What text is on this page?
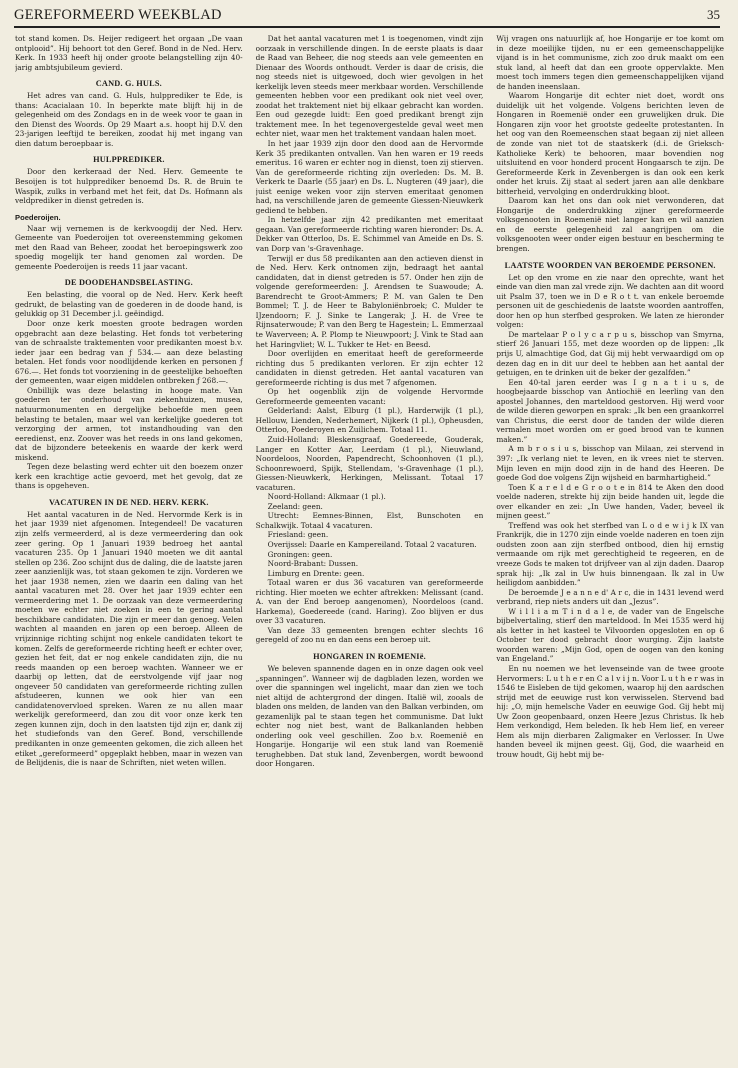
GEREFORMEERD WEEKBLAD	35

tot stand komen. Ds. Heijer redigeert het orgaan „De vaan ontplooid”. Hij behoort tot den Geref. Bond in de Ned. Herv. Kerk. In 1933 heeft hij onder groote belangstelling zijn 40-jarig ambtsjubileum gevierd.

CAND. G. HULS.

Het adres van cand. G. Huls, hulpprediker te Ede, is thans: Acacialaan 10. In beperkte mate blijft hij in de gelegenheid om des Zondags en in de week voor te gaan in den Dienst des Woords. Op 29 Maart a.s. hoopt hij D.V. den 23-jarigen leeftijd te bereiken, zoodat hij met ingang van dien datum beroepbaar is.

HULPPREDIKER.

Door den kerkeraad der Ned. Herv. Gemeente te Besoijen is tot hulpprediker benoemd Ds. R. de Bruin te Waspik, zulks in verband met het feit, dat Ds. Hofmann als veldprediker in dienst getreden is.

Poederoijen.

Naar wij vernemen is de kerkvoogdij der Ned. Herv. Gemeente van Poederoijen tot overeenstemming gekomen met den Raad van Beheer, zoodat het beroepingswerk zoo spoedig mogelijk ter hand genomen zal worden. De gemeente Poederoijen is reeds 11 jaar vacant.

DE DOODEHANDSBELASTING.

Een belasting, die vooral op de Ned. Herv. Kerk heeft gedrukt, de belasting van de goederen in de doode hand, is gelukkig op 31 December j.l. geëindigd.

Door onze kerk moesten groote bedragen worden opgebracht aan deze belasting. Het fonds tot verbetering van de schraalste traktementen voor predikanten moest b.v. ieder jaar een bedrag van ƒ 534.— aan deze belasting betalen. Het fonds voor noodlijdende kerken en personen ƒ 676.—. Het fonds tot voorziening in de geestelijke behoeften der gemeenten, waar eigen middelen ontbreken ƒ 268.—.

Onbillijk was deze belasting in hooge mate. Van goederen ter onderhoud van ziekenhuizen, musea, natuurmonumenten en dergelijke behoefde men geen belasting te betalen, maar wel van kerkelijke goederen tot verzorging der armen, tot instandhouding van den eeredienst, enz. Zoover was het reeds in ons land gekomen, dat de bijzondere beteekenis en waarde der kerk werd miskend.

Tegen deze belasting werd echter uit den boezem onzer kerk een krachtige actie gevoerd, met het gevolg, dat ze thans is opgeheven.

VACATUREN IN DE NED. HERV. KERK.

Het aantal vacaturen in de Ned. Hervormde Kerk is in het jaar 1939 niet afgenomen. Integendeel! De vacaturen zijn zelfs vermeerderd, al is deze vermeerdering dan ook zeer gering. Op 1 Januari 1939 bedroeg het aantal vacaturen 235. Op 1 Januari 1940 moeten we dit aantal stellen op 236. Zoo schijnt dus de daling, die de laatste jaren zeer aanzienlijk was, tot staan gekomen te zijn. Vorderen we het jaar 1938 nemen, zien we daarin een daling van het aantal vacaturen met 28. Over het jaar 1939 echter een vermeerdering met 1. De oorzaak van deze vermeerdering moeten we echter niet zoeken in een te gering aantal beschikbare candidaten. Die zijn er meer dan genoeg. Velen wachten al maanden en jaren op een beroep. Alleen de vrijzinnige richting schijnt nog enkele candidaten tekort te komen. Zelfs de gereformeerde richting heeft er echter over, gezien het feit, dat er nog enkele candidaten zijn, die nu reeds maanden op een beroep wachten. Wanneer we er daarbij op letten, dat de eerstvolgende vijf jaar nog ongeveer 50 candidaten van gereformeerde richting zullen afstudeeren, kunnen we ook hier van een candidatenovervloed spreken. Waren ze nu allen maar werkelijk gereformeerd, dan zou dit voor onze kerk ten zegen kunnen zijn, doch in den laatsten tijd zijn er, dank zij het studiefonds van den Geref. Bond, verschillende predikanten in onze gemeenten gekomen, die zich alleen het etiket „gereformeerd” opgeplakt hebben, maar in wezen van de Belijdenis, die is naar de Schriften, niet weten willen.

Dat het aantal vacaturen met 1 is toegenomen, vindt zijn oorzaak in verschillende dingen. In de eerste plaats is daar de Raad van Beheer, die nog steeds aan vele gemeenten en Dienaar des Woords onthoudt. Verder is daar de crisis, die nog steeds niet is uitgewoed, doch wier gevolgen in het kerkelijk leven steeds meer merkbaar worden. Verschillende gemeenten hebben voor een predikant ook niet veel over, zoodat het traktement niet bij elkaar gebracht kan worden. Een oud gezegde luidt: Een goed predikant brengt zijn traktement mee. In het tegenovergestelde geval weet men echter niet, waar men het traktement vandaan halen moet.

In het jaar 1939 zijn door den dood aan de Hervormde Kerk 35 predikanten ontvallen. Van hen waren er 19 reeds emeritus. 16 waren er echter nog in dienst, toen zij stierven. Van de gereformeerde richting zijn overleden: Ds. M. B. Verkerk te Daarle (55 jaar) en Ds. L. Nugteren (49 jaar), die juist eenige weken voor zijn sterven emeritaat genomen had, na verschillende jaren de gemeente Giessen-Nieuwkerk gediend te hebben.

In hetzelfde jaar zijn 42 predikanten met emeritaat gegaan. Van gereformeerde richting waren hieronder: Ds. A. Dekker van Otterloo, Ds. E. Schimmel van Ameide en Ds. S. van Dorp van 's-Gravenhage.

Terwijl er dus 58 predikanten aan den actieven dienst in de Ned. Herv. Kerk ontnomen zijn, bedraagt het aantal candidaten, dat in dienst getreden is 57. Onder hen zijn de volgende gereformeerden: J. Arendsen te Suawoude; A. Barendrecht te Groot-Ammers; P. M. van Galen te Den Bommel; T. J. de Heer te Babyloniënbroek; C. Mulder te IJzendoorn; F. J. Sinke te Langerak; J. H. de Vree te Rijnsaterwoude; P. van den Berg te Hagestein; L. Emmerzaal te Waverveen; A. P. Plomp te Nieuwpoort; J. Vink te Stad aan het Haringvliet; W. L. Tukker te Het- en Beesd.

Door overlijden en emeritaat heeft de gereformeerde richting dus 5 predikanten verloren. Er zijn echter 12 candidaten in dienst getreden. Het aantal vacaturen van gereformeerde richting is dus met 7 afgenomen.

Op het oogenblik zijn de volgende Hervormde Gereformeerde gemeenten vacant:

Gelderland: Aalst, Elburg (1 pl.), Harderwijk (1 pl.), Hellouw, Lienden, Nederhemert, Nijkerk (1 pl.), Opheusden, Otterloo, Poederoyen en Zuilichem. Totaal 11.

Zuid-Holland: Bleskensgraaf, Goedereede, Gouderak, Langer en Kotter Aar, Leerdam (1 pl.), Nieuwland, Noordeloos, Noorden, Papendrecht, Schoonhoven (1 pl.), Schoonrewoerd, Spijk, Stellendam, 's-Gravenhage (1 pl.), Giessen-Nieuwkerk, Herkingen, Melissant. Totaal 17 vacaturen.

Noord-Holland: Alkmaar (1 pl.).

Zeeland: geen.

Utrecht: Eemnes-Binnen, Elst, Bunschoten en Schalkwijk. Totaal 4 vacaturen.

Friesland: geen.

Overijssel: Daarle en Kampereiland. Totaal 2 vacaturen.

Groningen: geen.

Noord-Brabant: Dussen.

Limburg en Drente: geen.

Totaal waren er dus 36 vacaturen van gereformeerde richting. Hier moeten we echter aftrekken: Melissant (cand. A. van der End beroep aangenomen), Noordeloos (cand. Harkema), Goedereede (cand. Haring). Zoo blijven er dus over 33 vacaturen.

Van deze 33 gemeenten brengen echter slechts 16 geregeld of zoo nu en dan eens een beroep uit.

HONGAREN IN ROEMENIë.

We beleven spannende dagen en in onze dagen ook veel „spanningen”. Wanneer wij de dagbladen lezen, worden we over die spanningen wel ingelicht, maar dan zien we toch niet altijd de achtergrond der dingen. Italië wil, zooals de bladen ons melden, de landen van den Balkan verbinden, om gezamenlijk pal te staan tegen het communisme. Dat lukt echter nog niet best, want de Balkanlanden hebben onderling ook veel geschillen. Zoo b.v. Roemenië en Hongarije. Hongarije wil een stuk land van Roemenië terughebben. Dat stuk land, Zevenbergen, wordt bewoond door Hongaren.

Wij vragen ons natuurlijk af, hoe Hongarije er toe komt om in deze moeilijke tijden, nu er een gemeenschappelijke vijand is in het communisme, zich zoo druk maakt om een stuk land, al heeft dat dan een groote oppervlakte. Men moest toch immers tegen dien gemeenschappelijken vijand de handen ineenslaan.

Waarom Hongarije dit echter niet doet, wordt ons duidelijk uit het volgende. Volgens berichten leven de Hongaren in Roemenië onder een gruwelijken druk. Die Hongaren zijn voor het grootste gedeelte protestanten. In het oog van den Roemeenschen staat begaan zij niet alleen de zonde van niet tot de staatskerk (d.i. de Grieksch-Katholieke Kerk) te behooren, maar bovendien nog uitsluitend en voor honderd procent Hongaarsch te zijn. De Gereformeerde Kerk in Zevenbergen is dan ook een kerk onder het kruis. Zij staat al sedert jaren aan alle denkbare bitterheid, vervolging en onderdrukking bloot.

Daarom kan het ons dan ook niet verwonderen, dat Hongarije de onderdrukking zijner gereformeerde volksgenooten in Roemenië niet langer kan en wil aanzien en de eerste gelegenheid zal aangrijpen om die volksgenooten weer onder eigen bestuur en bescherming te brengen.

LAATSTE WOORDEN VAN BEROEMDE PERSONEN.

Let op den vrome en zie naar den oprechte, want het einde van dien man zal vrede zijn. We dachten aan dit woord uit Psalm 37, toen we in D e R o t t. van enkele beroemde personen uit de geschiedenis de laatste woorden aantroffen, door hen op hun sterfbed gesproken. We laten ze hieronder volgen:

De martelaar P o l y c a r p u s, bisschop van Smyrna, stierf 26 Januari 155, met deze woorden op de lippen: „Ik prijs U, almachtige God, dat Gij mij hebt verwaardigd om op dezen dag en in dit uur deel te hebben aan het aantal der getuigen, en te drinken uit de beker der gezalfden.”

Een 40-tal jaren eerder was I g n a t i u s, de hoogbejaarde bisschop van Antiochië en leerling van den apostel Johannes, den marteldood gestorven. Hij werd voor de wilde dieren geworpen en sprak: „Ik ben een graankorrel van Christus, die eerst door de tanden der wilde dieren vermalen moet worden om er goed brood van te kunnen maken.”

A m b r o s i u s, bisschop van Milaan, zei stervend in 397: „Ik verlang niet te leven, en ik vrees niet te sterven. Mijn leven en mijn dood zijn in de hand des Heeren. De goede God doe volgens Zijn wijsheid en barmhartigheid.”

Toen K a r e l d e G r o o t e in 814 te Aken den dood voelde naderen, strekte hij zijn beide handen uit, legde die over elkander en zei: „In Uwe handen, Vader, beveel ik mijnen geest.”

Treffend was ook het sterfbed van L o d e w i j k IX van Frankrijk, die in 1270 zijn einde voelde naderen en toen zijn oudsten zoon aan zijn sterfbed ontbood, dien hij ernstig vermaande om rijk met gerechtigheid te regeeren, en de vreeze Gods te maken tot drijfveer van al zijn daden. Daarop sprak hij: „Ik zal in Uw huis binnengaan. Ik zal in Uw heiligdom aanbidden.”

De beroemde J e a n n e d' A r c, die in 1431 levend werd verbrand, riep niets anders uit dan „Jezus”.

W i l l i a m T i n d a l e, de vader van de Engelsche bijbelvertaling, stierf den marteldood. In Mei 1535 werd hij als ketter in het kasteel te Vilvoorden opgesloten en op 6 October ter dood gebracht door wurging. Zijn laatste woorden waren: „Mijn God, open de oogen van den koning van Engeland.”

En nu noemen we het levenseinde van de twee groote Hervormers: L u t h e r en C a l v i j n. Voor L u t h e r was in 1546 te Eisleben de tijd gekomen, waarop hij den aardschen strijd met de eeuwige rust kon verwisselen. Stervend bad hij: „O, mijn hemelsche Vader en eeuwige God. Gij hebt mij Uw Zoon geopenbaard, onzen Heere Jezus Christus. Ik heb Hem verkondigd, Hem beleden. Ik heb Hem lief, en vereer Hem als mijn dierbaren Zaligmaker en Verlosser. In Uwe handen beveel ik mijnen geest. Gij, God, die waarheid en trouw houdt, Gij hebt mij be-
